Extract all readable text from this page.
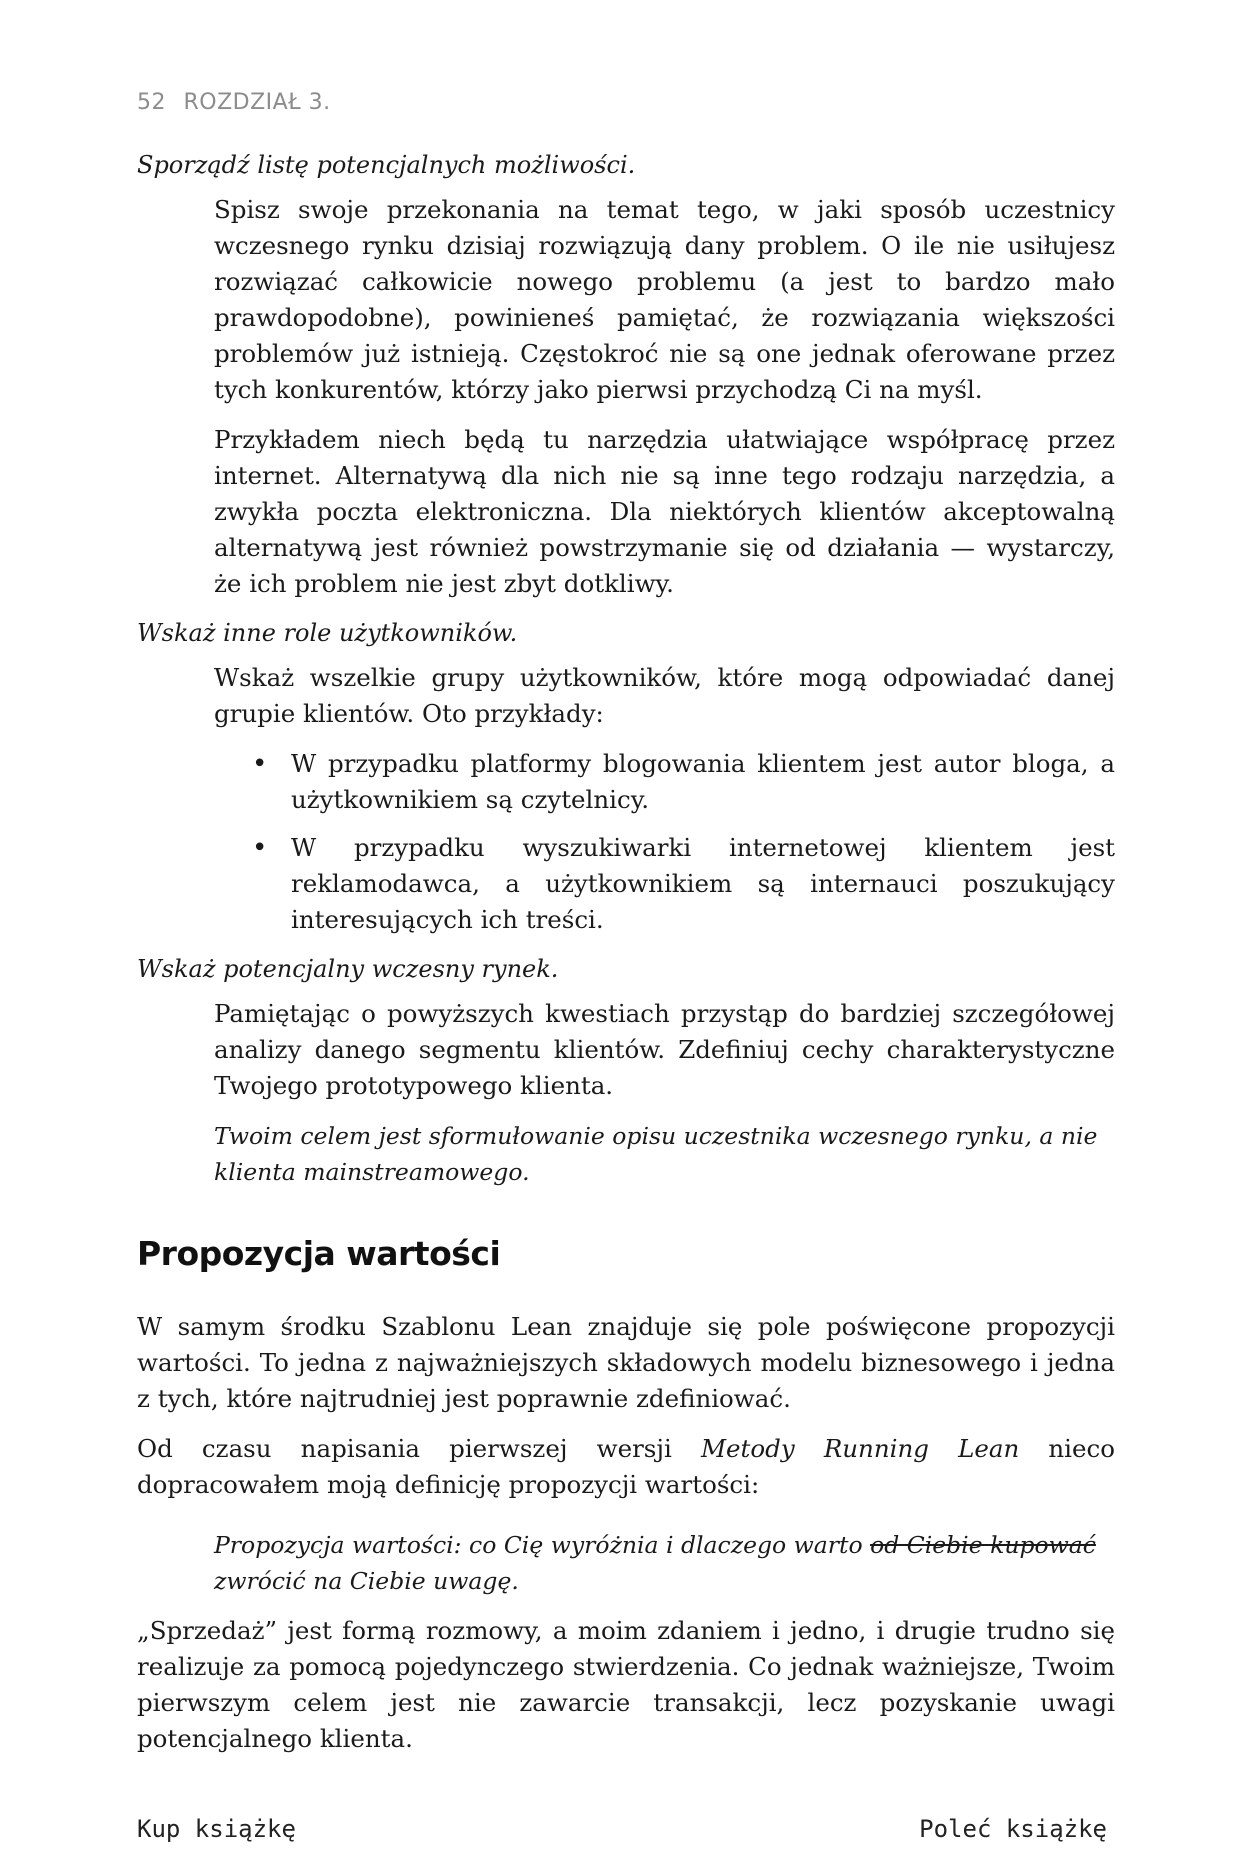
52 ROZDZIAŁ 3.

Sporządź listę potencjalnych możliwości.

Spisz swoje przekonania na temat tego, w jaki sposób uczestnicy wczesnego rynku dzisiaj rozwiązują dany problem. O ile nie usiłujesz rozwiązać całkowicie nowego problemu (a jest to bardzo mało prawdopodobne), powinieneś pamiętać, że rozwiązania większości problemów już istnieją. Częstokroć nie są one jednak oferowane przez tych konkurentów, którzy jako pierwsi przychodzą Ci na myśl.

Przykładem niech będą tu narzędzia ułatwiające współpracę przez internet. Alternatywą dla nich nie są inne tego rodzaju narzędzia, a zwykła poczta elektroniczna. Dla niektórych klientów akceptowalną alternatywą jest również powstrzymanie się od działania — wystarczy, że ich problem nie jest zbyt dotkliwy.

Wskaż inne role użytkowników.

Wskaż wszelkie grupy użytkowników, które mogą odpowiadać danej grupie klientów. Oto przykłady:

• W przypadku platformy blogowania klientem jest autor bloga, a użytkownikiem są czytelnicy.
• W przypadku wyszukiwarki internetowej klientem jest reklamodawca, a użytkownikiem są internauci poszukujący interesujących ich treści.

Wskaż potencjalny wczesny rynek.

Pamiętając o powyższych kwestiach przystąp do bardziej szczegółowej analizy danego segmentu klientów. Zdefiniuj cechy charakterystyczne Twojego prototypowego klienta.

Twoim celem jest sformułowanie opisu uczestnika wczesnego rynku, a nie klienta mainstreamowego.

Propozycja wartości

W samym środku Szablonu Lean znajduje się pole poświęcone propozycji wartości. To jedna z najważniejszych składowych modelu biznesowego i jedna z tych, które najtrudniej jest poprawnie zdefiniować.

Od czasu napisania pierwszej wersji Metody Running Lean nieco dopracowałem moją definicję propozycji wartości:

Propozycja wartości: co Cię wyróżnia i dlaczego warto od Ciebie kupować zwrócić na Ciebie uwagę.

„Sprzedaż” jest formą rozmowy, a moim zdaniem i jedno, i drugie trudno się realizuje za pomocą pojedynczego stwierdzenia. Co jednak ważniejsze, Twoim pierwszym celem jest nie zawarcie transakcji, lecz pozyskanie uwagi potencjalnego klienta.

Kup książkę	Poleć książkę
